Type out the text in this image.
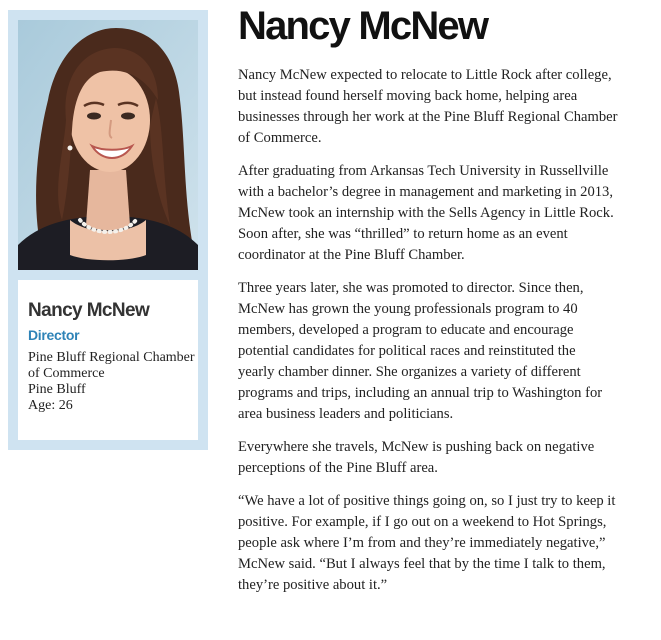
Nancy McNew
Director
Pine Bluff Regional Chamber of Commerce
Pine Bluff
Age: 26
Nancy McNew

Nancy McNew expected to relocate to Little Rock after college,
but instead found herself moving back home, helping area
businesses through her work at the Pine Bluff Regional Chamber
of Commerce.

After graduating from Arkansas Tech University in Russellville
with a bachelor’s degree in management and marketing in 2013,
McNew took an internship with the Sells Agency in Little Rock.
Soon after, she was “thrilled” to return home as an event
coordinator at the Pine Bluff Chamber.

Three years later, she was promoted to director. Since then,
McNew has grown the young professionals program to 40
members, developed a program to educate and encourage
potential candidates for political races and reinstituted the
yearly chamber dinner. She organizes a variety of different
programs and trips, including an annual trip to Washington for
area business leaders and politicians.

Everywhere she travels, McNew is pushing back on negative
perceptions of the Pine Bluff area.

“We have a lot of positive things going on, so I just try to keep it
positive. For example, if I go out on a weekend to Hot Springs,
people ask where I’m from and they’re immediately negative,”
McNew said. “But I always feel that by the time I talk to them,
they’re positive about it.”
